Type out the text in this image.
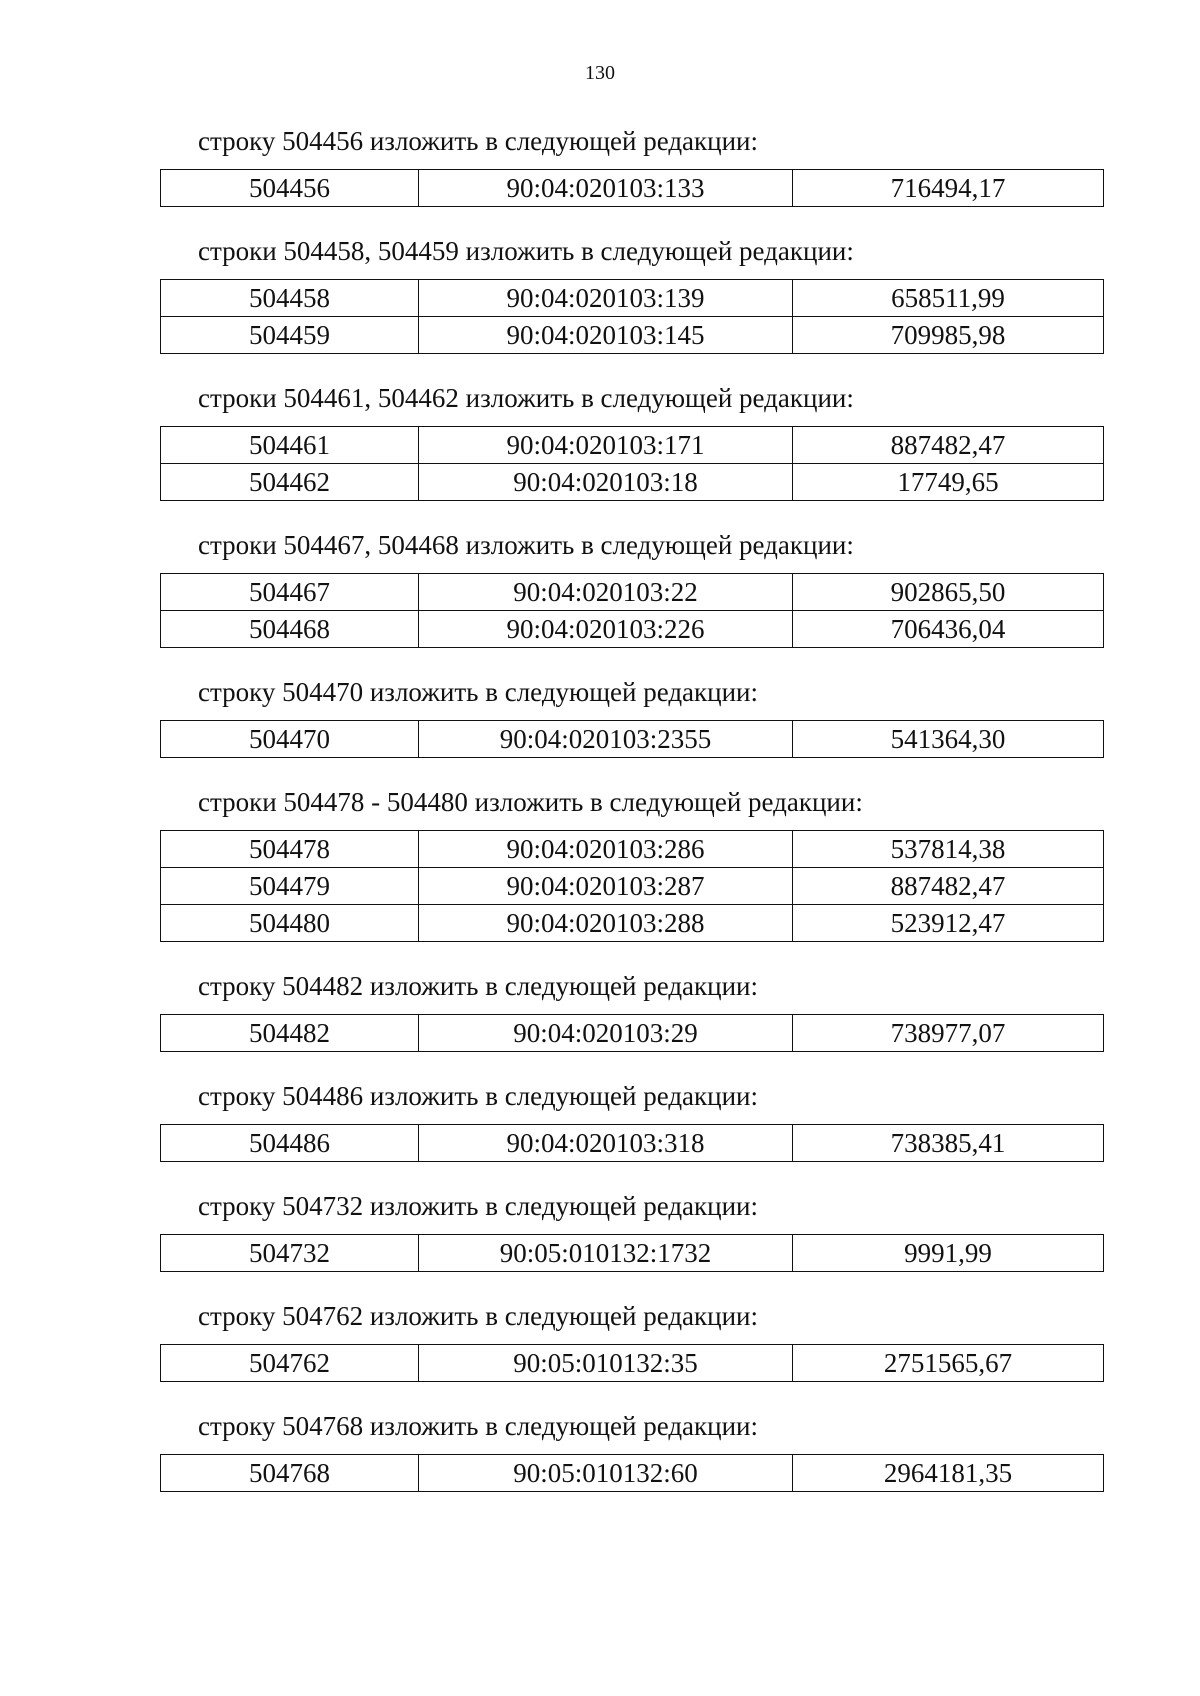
130
строку 504456 изложить в следующей редакции:
504456	90:04:020103:133	716494,17
строки 504458, 504459 изложить в следующей редакции:
504458	90:04:020103:139	658511,99
504459	90:04:020103:145	709985,98
строки 504461, 504462 изложить в следующей редакции:
504461	90:04:020103:171	887482,47
504462	90:04:020103:18	17749,65
строки 504467, 504468 изложить в следующей редакции:
504467	90:04:020103:22	902865,50
504468	90:04:020103:226	706436,04
строку 504470 изложить в следующей редакции:
504470	90:04:020103:2355	541364,30
строки 504478 - 504480 изложить в следующей редакции:
504478	90:04:020103:286	537814,38
504479	90:04:020103:287	887482,47
504480	90:04:020103:288	523912,47
строку 504482 изложить в следующей редакции:
504482	90:04:020103:29	738977,07
строку 504486 изложить в следующей редакции:
504486	90:04:020103:318	738385,41
строку 504732 изложить в следующей редакции:
504732	90:05:010132:1732	9991,99
строку 504762 изложить в следующей редакции:
504762	90:05:010132:35	2751565,67
строку 504768 изложить в следующей редакции:
504768	90:05:010132:60	2964181,35
